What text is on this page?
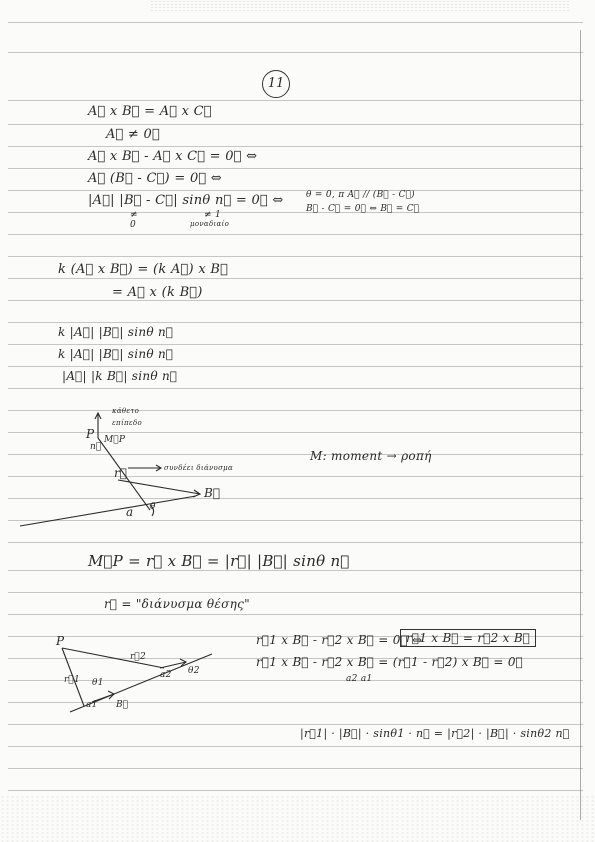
11
A⃗ x B⃗ = A⃗ x C⃗
A⃗ ≠ 0⃗
A⃗ x B⃗ - A⃗ x C⃗ = 0⃗ ⇔
A⃗ (B⃗ - C⃗) = 0⃗ ⇔
|A⃗| |B⃗ - C⃗| sinθ n⃗ = 0⃗ ⇔
≠
0
≠ 1
μοναδιαίο
θ = 0, π A⃗ // (B⃗ - C⃗)
B⃗ - C⃗ = 0⃗ ⇔ B⃗ = C⃗
k (A⃗ x B⃗) = (k A⃗) x B⃗
= A⃗ x (k B⃗)
k |A⃗| |B⃗| sinθ n⃗
k |A⃗| |B⃗| sinθ n⃗
|A⃗| |k B⃗| sinθ n⃗
P M⃗P
n⃗
r⃗
a θ
B⃗
κάθετο
επίπεδο
συνδέει διάνυσμα
M: moment → ροπή
M⃗P = r⃗ x B⃗ = |r⃗| |B⃗| sinθ n⃗
r⃗ = "διάνυσμα θέσης"
P
r⃗1
r⃗2
θ1
θ2
a1
a2
B⃗
r⃗1 x B⃗ - r⃗2 x B⃗ = 0⃗ ⇔
r⃗1 x B⃗ = r⃗2 x B⃗
r⃗1 x B⃗ - r⃗2 x B⃗ = (r⃗1 - r⃗2) x B⃗ = 0⃗
a2 a1
|r⃗1| · |B⃗| · sinθ1 · n⃗ = |r⃗2| · |B⃗| · sinθ2 n⃗
